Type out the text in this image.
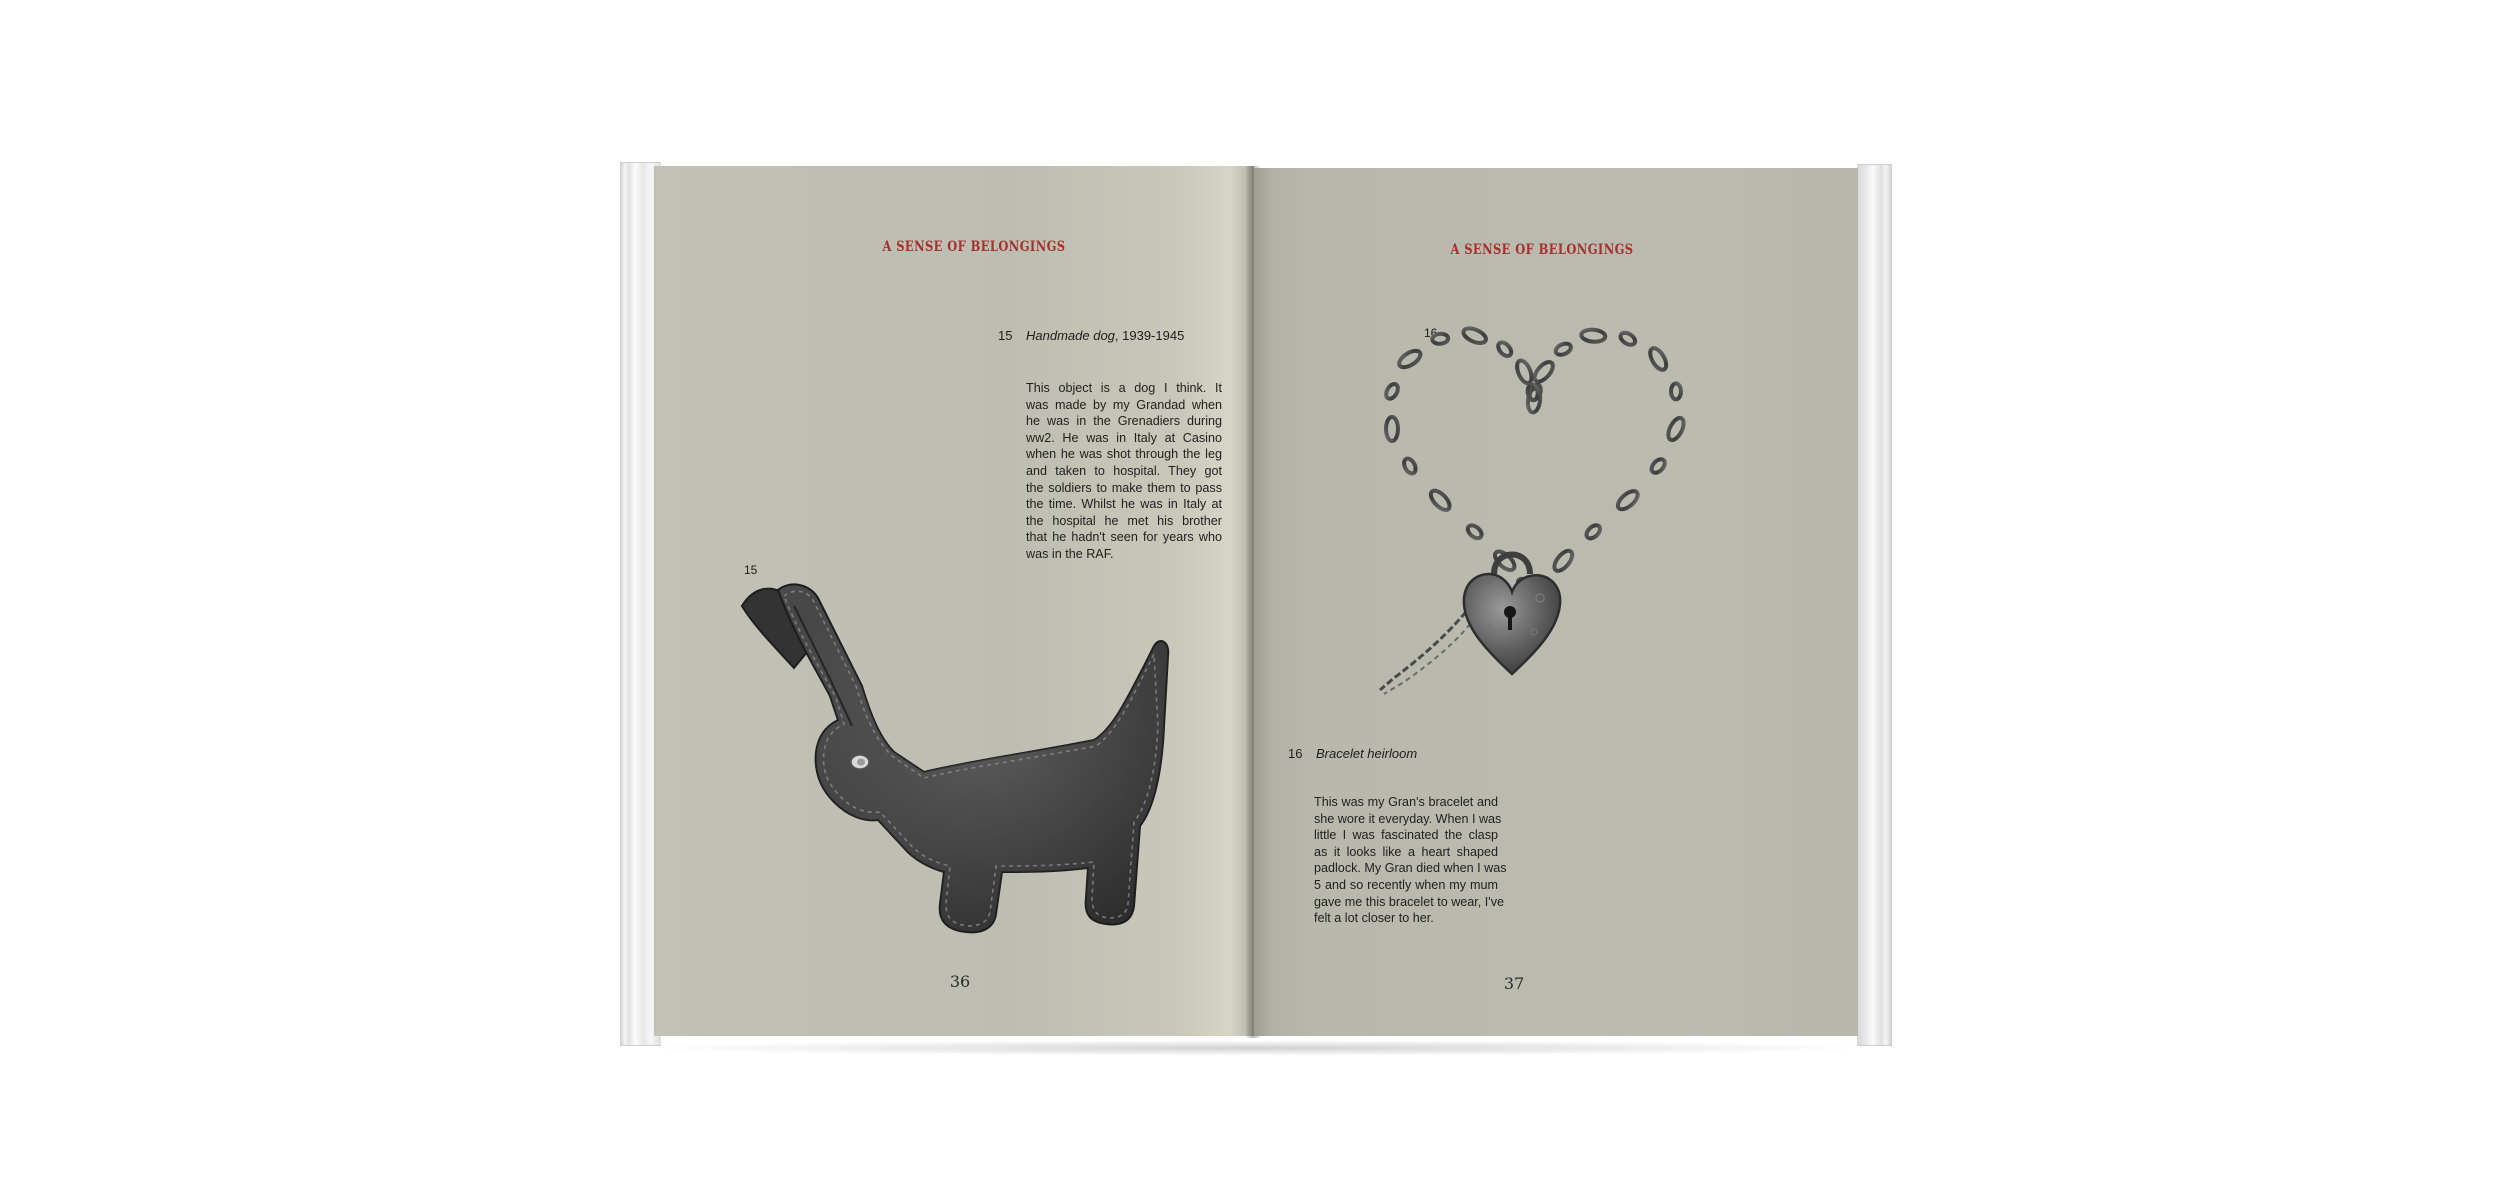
A SENSE OF BELONGINGS
15 Handmade dog, 1939-1945
This object is a dog I think. It
was made by my Grandad when
he was in the Grenadiers during
ww2. He was in Italy at Casino
when he was shot through the leg
and taken to hospital. They got
the soldiers to make them to pass
the time. Whilst he was in Italy at
the hospital he met his brother
that he hadn't seen for years who
was in the RAF.
15
36
A SENSE OF BELONGINGS
16
16 Bracelet heirloom
This was my Gran's bracelet and
she wore it everyday. When I was
little I was fascinated the clasp
as it looks like a heart shaped
padlock. My Gran died when I was
5 and so recently when my mum
gave me this bracelet to wear, I've
felt a lot closer to her.
37
